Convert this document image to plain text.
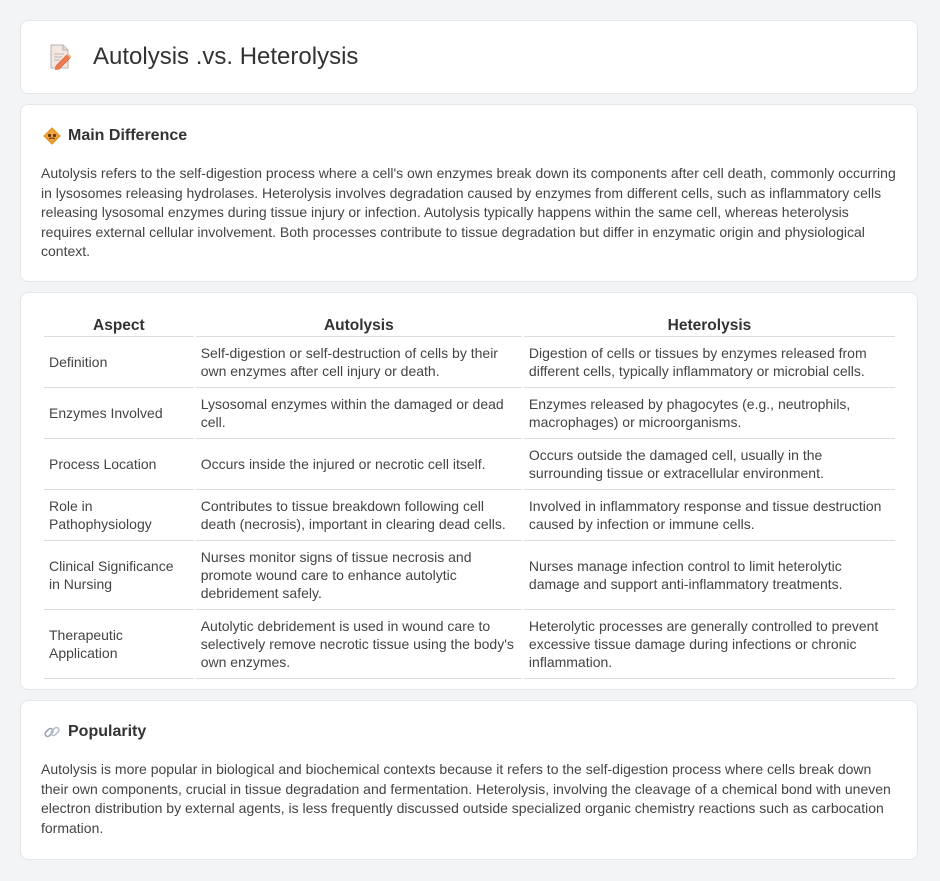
Autolysis .vs. Heterolysis
Main Difference

Autolysis refers to the self-digestion process where a cell's own enzymes break down its components after cell death, commonly occurring in lysosomes releasing hydrolases. Heterolysis involves degradation caused by enzymes from different cells, such as inflammatory cells releasing lysosomal enzymes during tissue injury or infection. Autolysis typically happens within the same cell, whereas heterolysis requires external cellular involvement. Both processes contribute to tissue degradation but differ in enzymatic origin and physiological context.

Aspect	Autolysis	Heterolysis
Definition	Self-digestion or self-destruction of cells by their own enzymes after cell injury or death.	Digestion of cells or tissues by enzymes released from different cells, typically inflammatory or microbial cells.
Enzymes Involved	Lysosomal enzymes within the damaged or dead cell.	Enzymes released by phagocytes (e.g., neutrophils, macrophages) or microorganisms.
Process Location	Occurs inside the injured or necrotic cell itself.	Occurs outside the damaged cell, usually in the surrounding tissue or extracellular environment.
Role in Pathophysiology	Contributes to tissue breakdown following cell death (necrosis), important in clearing dead cells.	Involved in inflammatory response and tissue destruction caused by infection or immune cells.
Clinical Significance in Nursing	Nurses monitor signs of tissue necrosis and promote wound care to enhance autolytic debridement safely.	Nurses manage infection control to limit heterolytic damage and support anti-inflammatory treatments.
Therapeutic Application	Autolytic debridement is used in wound care to selectively remove necrotic tissue using the body's own enzymes.	Heterolytic processes are generally controlled to prevent excessive tissue damage during infections or chronic inflammation.
Popularity

Autolysis is more popular in biological and biochemical contexts because it refers to the self-digestion process where cells break down their own components, crucial in tissue degradation and fermentation. Heterolysis, involving the cleavage of a chemical bond with uneven electron distribution by external agents, is less frequently discussed outside specialized organic chemistry reactions such as carbocation formation.
